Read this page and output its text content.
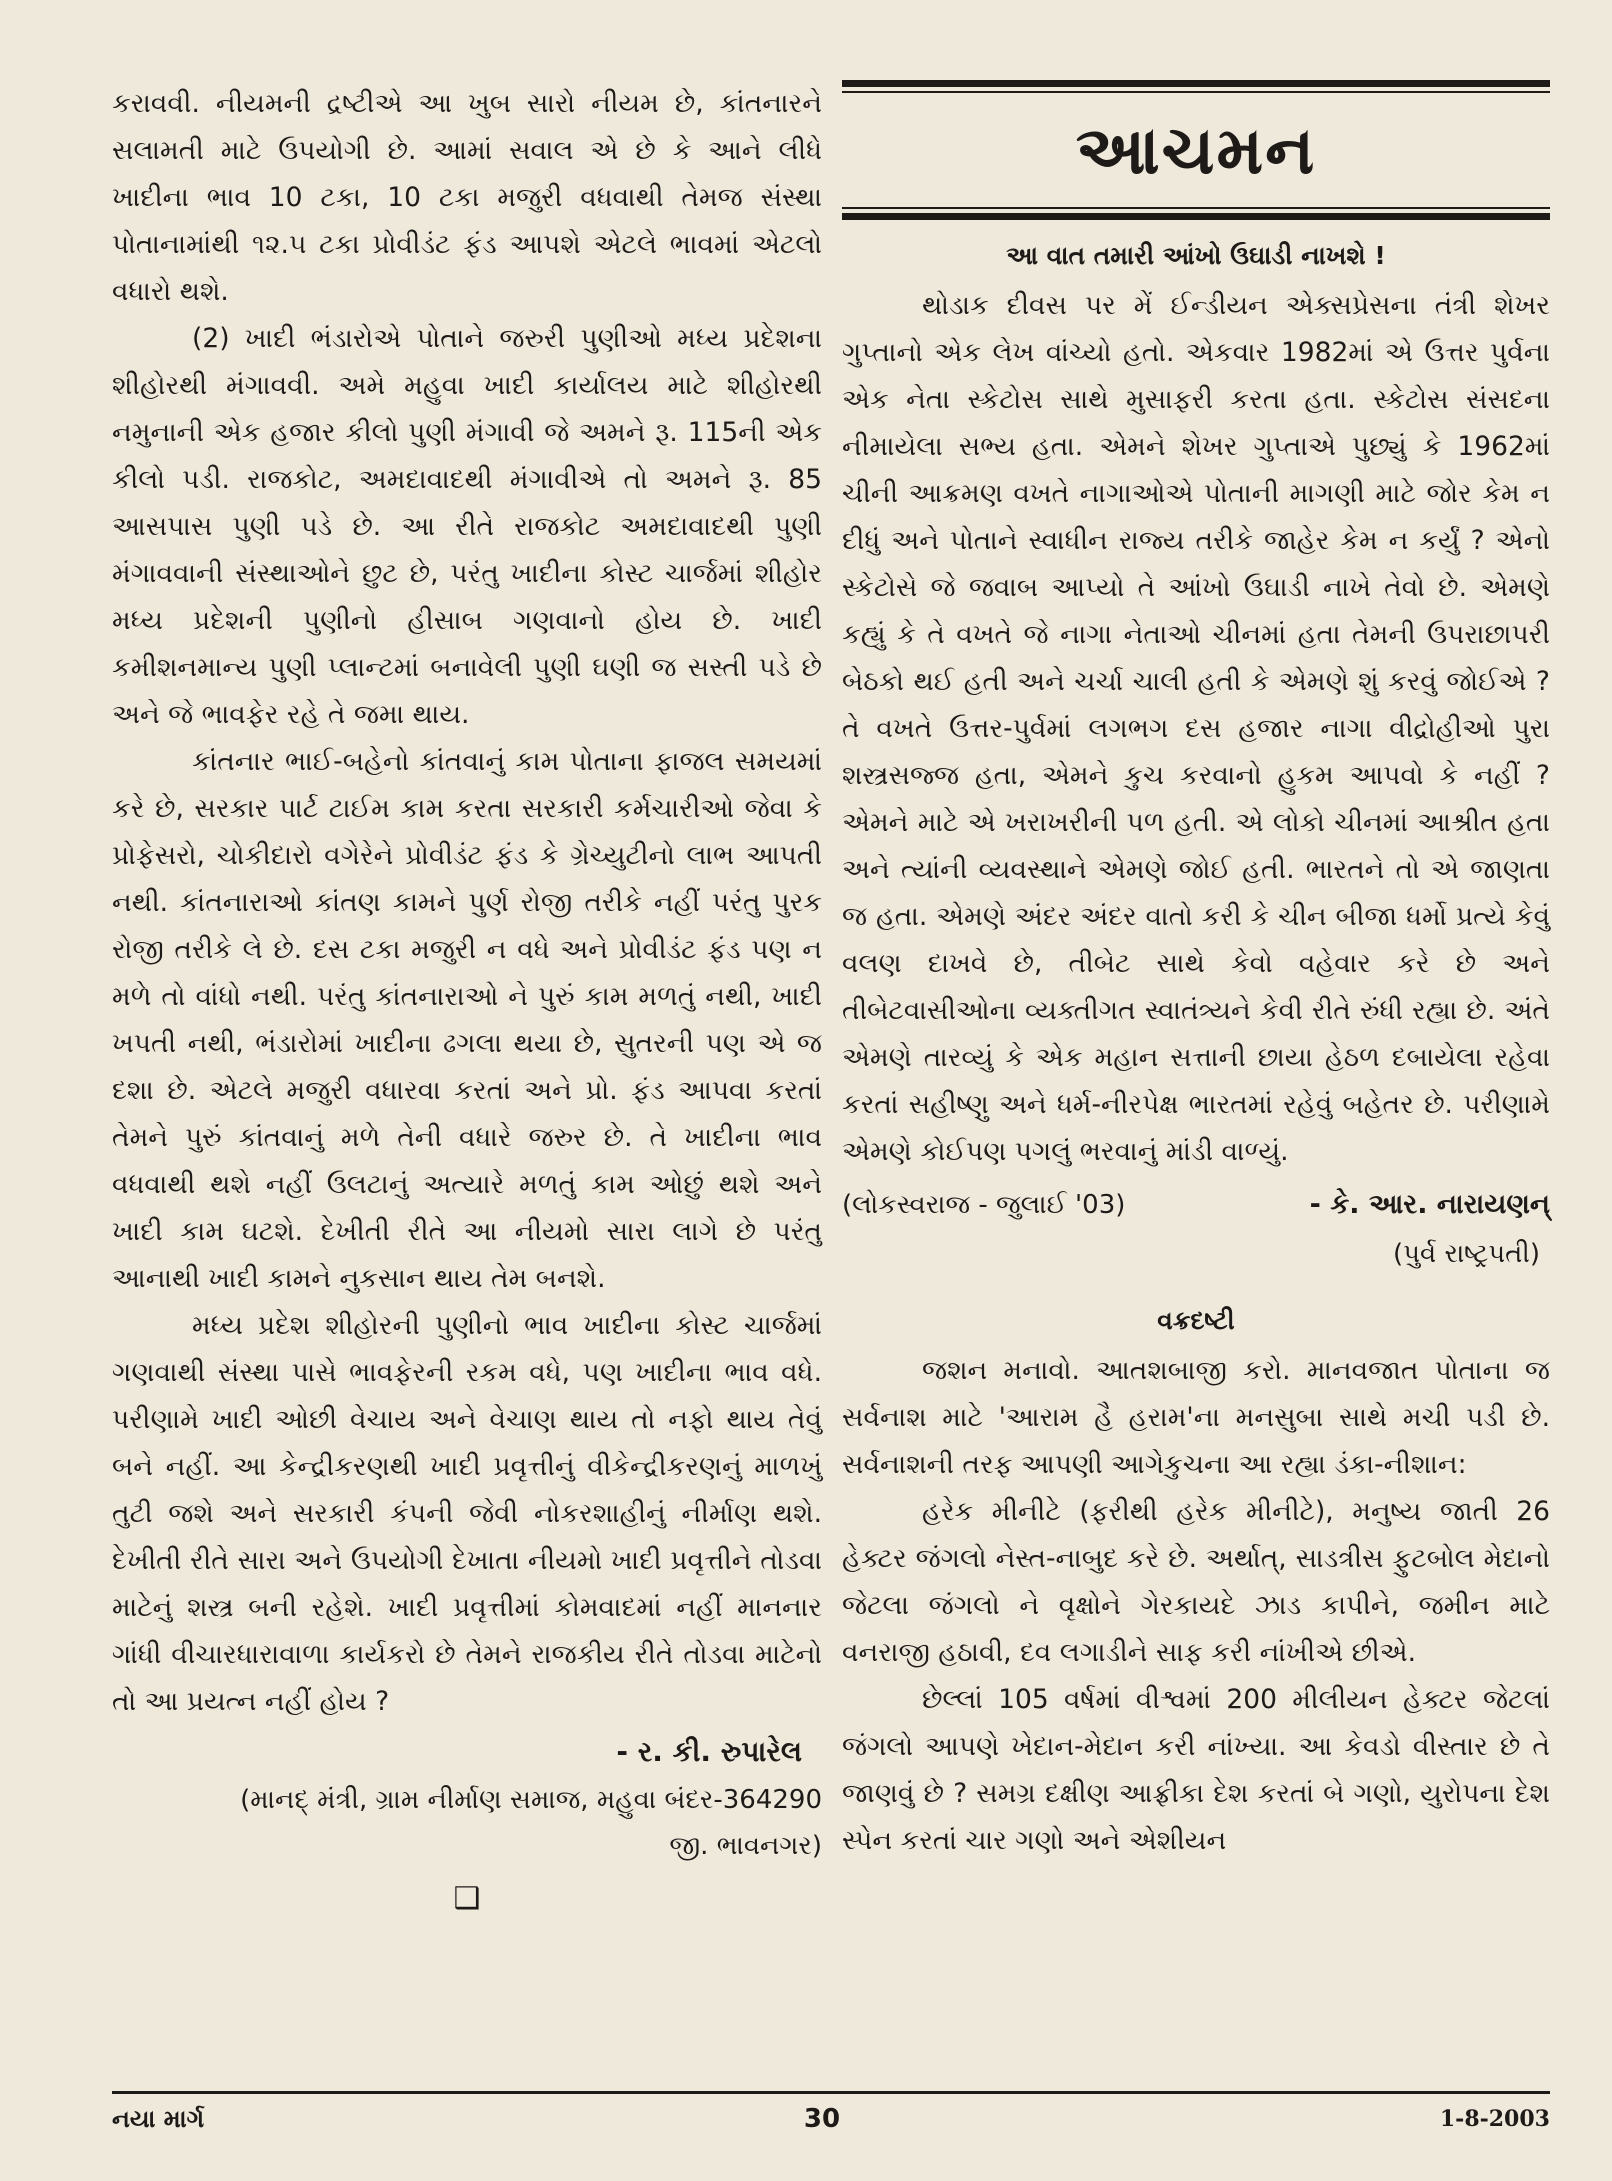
કરાવવી. નીયમની દ્રષ્ટીએ આ ખુબ સારો નીયમ છે, કાંતનારને સલામતી માટે ઉપયોગી છે. આમાં સવાલ એ છે કે આને લીધે ખાદીના ભાવ 10 ટકા, 10 ટકા મજુરી વધવાથી તેમજ સંસ્થા પોતાનામાંથી ૧૨.૫ ટકા પ્રોવીડંટ ફંડ આપશે એટલે ભાવમાં એટલો વધારો થશે.

(2) ખાદી ભંડારોએ પોતાને જરુરી પુણીઓ મધ્ય પ્રદેશના શીહોરથી મંગાવવી. અમે મહુવા ખાદી કાર્યાલય માટે શીહોરથી નમુનાની એક હજાર કીલો પુણી મંગાવી જે અમને રૂ. 115ની એક કીલો પડી. રાજકોટ, અમદાવાદથી મંગાવીએ તો અમને રૂ. 85 આસપાસ પુણી પડે છે. આ રીતે રાજકોટ અમદાવાદથી પુણી મંગાવવાની સંસ્થાઓને છુટ છે, પરંતુ ખાદીના કોસ્ટ ચાર્જમાં શીહોર મધ્ય પ્રદેશની પુણીનો હીસાબ ગણવાનો હોય છે. ખાદી કમીશનમાન્ય પુણી પ્લાન્ટમાં બનાવેલી પુણી ઘણી જ સસ્તી પડે છે અને જે ભાવફેર રહે તે જમા થાય.

કાંતનાર ભાઈ-બહેનો કાંતવાનું કામ પોતાના ફાજલ સમયમાં કરે છે, સરકાર પાર્ટ ટાઈમ કામ કરતા સરકારી કર્મચારીઓ જેવા કે પ્રોફેસરો, ચોકીદારો વગેરેને પ્રોવીડંટ ફંડ કે ગ્રેચ્યુટીનો લાભ આપતી નથી. કાંતનારાઓ કાંતણ કામને પુર્ણ રોજી તરીકે નહીં પરંતુ પુરક રોજી તરીકે લે છે. દસ ટકા મજુરી ન વધે અને પ્રોવીડંટ ફંડ પણ ન મળે તો વાંધો નથી. પરંતુ કાંતનારાઓ ને પુરું કામ મળતું નથી, ખાદી ખપતી નથી, ભંડારોમાં ખાદીના ઢગલા થયા છે, સુતરની પણ એ જ દશા છે. એટલે મજુરી વધારવા કરતાં અને પ્રો. ફંડ આપવા કરતાં તેમને પુરું કાંતવાનું મળે તેની વધારે જરુર છે. તે ખાદીના ભાવ વધવાથી થશે નહીં ઉલટાનું અત્યારે મળતું કામ ઓછું થશે અને ખાદી કામ ઘટશે. દેખીતી રીતે આ નીયમો સારા લાગે છે પરંતુ આનાથી ખાદી કામને નુકસાન થાય તેમ બનશે.

મધ્ય પ્રદેશ શીહોરની પુણીનો ભાવ ખાદીના કોસ્ટ ચાર્જમાં ગણવાથી સંસ્થા પાસે ભાવફેરની રકમ વધે, પણ ખાદીના ભાવ વધે. પરીણામે ખાદી ઓછી વેચાય અને વેચાણ થાય તો નફો થાય તેવું બને નહીં. આ કેન્દ્રીકરણથી ખાદી પ્રવૃત્તીનું વીકેન્દ્રીકરણનું માળખું તુટી જશે અને સરકારી કંપની જેવી નોકરશાહીનું નીર્માણ થશે. દેખીતી રીતે સારા અને ઉપયોગી દેખાતા નીયમો ખાદી પ્રવૃત્તીને તોડવા માટેનું શસ્ત્ર બની રહેશે. ખાદી પ્રવૃત્તીમાં કોમવાદમાં નહીં માનનાર ગાંધી વીચારધારાવાળા કાર્યકરો છે તેમને રાજકીય રીતે તોડવા માટેનો તો આ પ્રયત્ન નહીં હોય ?

- ર. કી. રુપારેલ
(માનદ્ મંત્રી, ગ્રામ નીર્માણ સમાજ, મહુવા બંદર-364290
જી. ભાવનગર)
❑
આચમન
આ વાત તમારી આંખો ઉઘાડી નાખશે !

થોડાક દીવસ પર મેં ઈન્ડીયન એક્સપ્રેસના તંત્રી શેખર ગુપ્તાનો એક લેખ વાંચ્યો હતો. એકવાર 1982માં એ ઉત્તર પુર્વના એક નેતા સ્કેટોસ સાથે મુસાફરી કરતા હતા. સ્કેટોસ સંસદના નીમાયેલા સભ્ય હતા. એમને શેખર ગુપ્તાએ પુછ્યું કે 1962માં ચીની આક્રમણ વખતે નાગાઓએ પોતાની માગણી માટે જોર કેમ ન દીધું અને પોતાને સ્વાધીન રાજ્ય તરીકે જાહેર કેમ ન કર્યું ? એનો સ્કેટોસે જે જવાબ આપ્યો તે આંખો ઉઘાડી નાખે તેવો છે. એમણે કહ્યું કે તે વખતે જે નાગા નેતાઓ ચીનમાં હતા તેમની ઉપરાછાપરી બેઠકો થઈ હતી અને ચર્ચા ચાલી હતી કે એમણે શું કરવું જોઈએ ? તે વખતે ઉત્તર-પુર્વમાં લગભગ દસ હજાર નાગા વીદ્રોહીઓ પુરા શસ્ત્રસજ્જ હતા, એમને કુચ કરવાનો હુકમ આપવો કે નહીં ? એમને માટે એ ખરાખરીની પળ હતી. એ લોકો ચીનમાં આશ્રીત હતા અને ત્યાંની વ્યવસ્થાને એમણે જોઈ હતી. ભારતને તો એ જાણતા જ હતા. એમણે અંદર અંદર વાતો કરી કે ચીન બીજા ધર્મો પ્રત્યે કેવું વલણ દાખવે છે, તીબેટ સાથે કેવો વહેવાર કરે છે અને તીબેટવાસીઓના વ્યક્તીગત સ્વાતંત્ર્યને કેવી રીતે રુંધી રહ્યા છે. અંતે એમણે તારવ્યું કે એક મહાન સત્તાની છાયા હેઠળ દબાયેલા રહેવા કરતાં સહીષ્ણુ અને ધર્મ-નીરપેક્ષ ભારતમાં રહેવું બહેતર છે. પરીણામે એમણે કોઈપણ પગલું ભરવાનું માંડી વાળ્યું.

(લોકસ્વરાજ - જુલાઈ '03)	- કે. આર. નારાયણન્
(પુર્વ રાષ્ટ્રપતી)
વક્રદષ્ટી

જશન મનાવો. આતશબાજી કરો. માનવજાત પોતાના જ સર્વનાશ માટે 'આરામ હૈ હરામ'ના મનસુબા સાથે મચી પડી છે. સર્વનાશની તરફ આપણી આગેકુચના આ રહ્યા ડંકા-નીશાન:

હરેક મીનીટે (ફરીથી હરેક મીનીટે), મનુષ્ય જાતી 26 હેક્ટર જંગલો નેસ્ત-નાબુદ કરે છે. અર્થાત્, સાડત્રીસ ફુટબોલ મેદાનો જેટલા જંગલો ને વૃક્ષોને ગેરકાયદે ઝાડ કાપીને, જમીન માટે વનરાજી હઠાવી, દવ લગાડીને સાફ કરી નાંખીએ છીએ.

છેલ્લાં 105 વર્ષમાં વીશ્વમાં 200 મીલીયન હેક્ટર જેટલાં જંગલો આપણે ખેદાન-મેદાન કરી નાંખ્યા. આ કેવડો વીસ્તાર છે તે જાણવું છે ? સમગ્ર દક્ષીણ આફ્રીકા દેશ કરતાં બે ગણો, યુરોપના દેશ સ્પેન કરતાં ચાર ગણો અને એશીયન

નયા માર્ગ	30	1-8-2003
